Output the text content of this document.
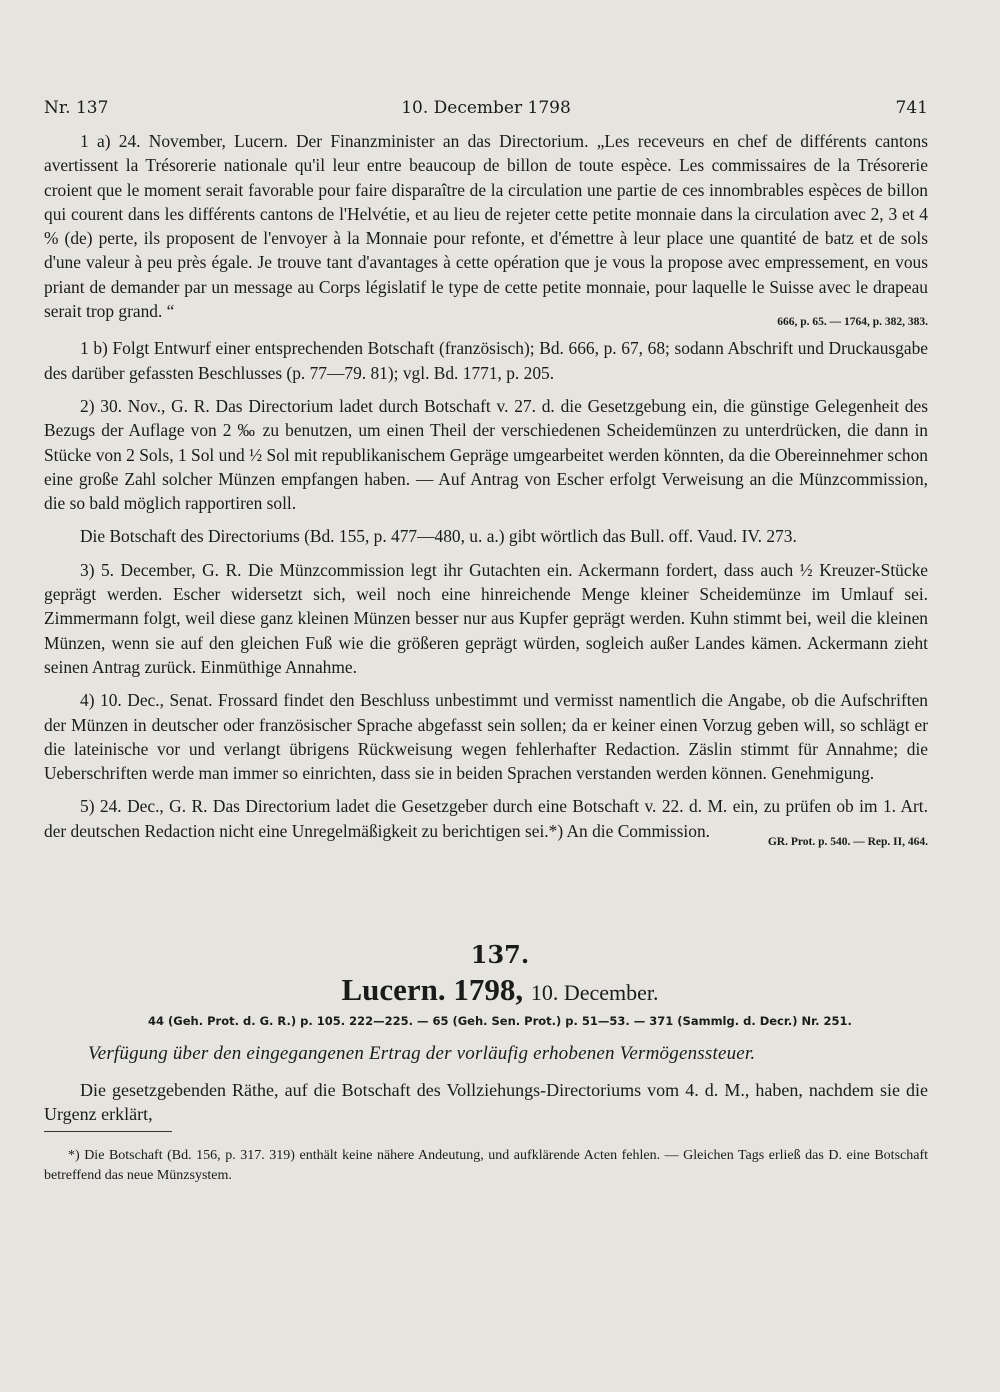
Nr. 137	10. December 1798	741

1 a) 24. November, Lucern. Der Finanzminister an das Directorium. „Les receveurs en chef de différents cantons avertissent la Trésorerie nationale qu'il leur entre beaucoup de billon de toute espèce. Les commissaires de la Trésorerie croient que le moment serait favorable pour faire disparaître de la circulation une partie de ces innombrables espèces de billon qui courent dans les différents cantons de l'Helvétie, et au lieu de rejeter cette petite monnaie dans la circulation avec 2, 3 et 4 % (de) perte, ils proposent de l'envoyer à la Monnaie pour refonte, et d'émettre à leur place une quantité de batz et de sols d'une valeur à peu près égale. Je trouve tant d'avantages à cette opération que je vous la propose avec empressement, en vous priant de demander par un message au Corps législatif le type de cette petite monnaie, pour laquelle le Suisse avec le drapeau serait trop grand. “

666, p. 65. — 1764, p. 382, 383.

1 b) Folgt Entwurf einer entsprechenden Botschaft (französisch); Bd. 666, p. 67, 68; sodann Abschrift und Druckausgabe des darüber gefassten Beschlusses (p. 77—79. 81); vgl. Bd. 1771, p. 205.

2) 30. Nov., G. R. Das Directorium ladet durch Botschaft v. 27. d. die Gesetzgebung ein, die günstige Gelegenheit des Bezugs der Auflage von 2 ‰ zu benutzen, um einen Theil der verschiedenen Scheidemünzen zu unterdrücken, die dann in Stücke von 2 Sols, 1 Sol und ½ Sol mit republikanischem Gepräge umgearbeitet werden könnten, da die Obereinnehmer schon eine große Zahl solcher Münzen empfangen haben. — Auf Antrag von Escher erfolgt Verweisung an die Münzcommission, die so bald möglich rapportiren soll.

Die Botschaft des Directoriums (Bd. 155, p. 477—480, u. a.) gibt wörtlich das Bull. off. Vaud. IV. 273.

3) 5. December, G. R. Die Münzcommission legt ihr Gutachten ein. Ackermann fordert, dass auch ½ Kreuzer-Stücke geprägt werden. Escher widersetzt sich, weil noch eine hinreichende Menge kleiner Scheidemünze im Umlauf sei. Zimmermann folgt, weil diese ganz kleinen Münzen besser nur aus Kupfer geprägt werden. Kuhn stimmt bei, weil die kleinen Münzen, wenn sie auf den gleichen Fuß wie die größeren geprägt würden, sogleich außer Landes kämen. Ackermann zieht seinen Antrag zurück. Einmüthige Annahme.

4) 10. Dec., Senat. Frossard findet den Beschluss unbestimmt und vermisst namentlich die Angabe, ob die Aufschriften der Münzen in deutscher oder französischer Sprache abgefasst sein sollen; da er keiner einen Vorzug geben will, so schlägt er die lateinische vor und verlangt übrigens Rückweisung wegen fehlerhafter Redaction. Zäslin stimmt für Annahme; die Ueberschriften werde man immer so einrichten, dass sie in beiden Sprachen verstanden werden können. Genehmigung.

5) 24. Dec., G. R. Das Directorium ladet die Gesetzgeber durch eine Botschaft v. 22. d. M. ein, zu prüfen ob im 1. Art. der deutschen Redaction nicht eine Unregelmäßigkeit zu berichtigen sei.*) An die Commission.

GR. Prot. p. 540. — Rep. II, 464.
137.
Lucern. 1798, 10. December.
44 (Geh. Prot. d. G. R.) p. 105. 222—225. — 65 (Geh. Sen. Prot.) p. 51—53. — 371 (Sammlg. d. Decr.) Nr. 251.
Verfügung über den eingegangenen Ertrag der vorläufig erhobenen Vermögenssteuer.
Die gesetzgebenden Räthe, auf die Botschaft des Vollziehungs-Directoriums vom 4. d. M., haben, nachdem sie die Urgenz erklärt,
*) Die Botschaft (Bd. 156, p. 317. 319) enthält keine nähere Andeutung, und aufklärende Acten fehlen. — Gleichen Tags erließ das D. eine Botschaft betreffend das neue Münzsystem.
